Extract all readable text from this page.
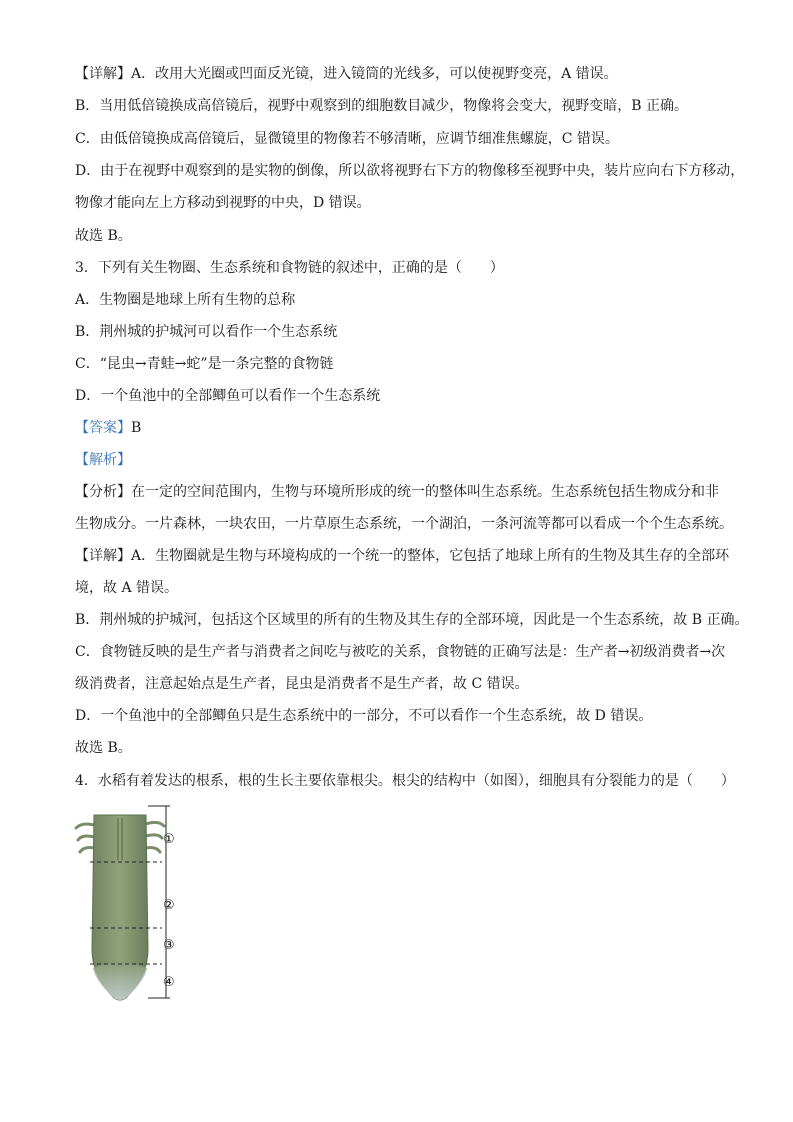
【详解】A．改用大光圈或凹面反光镜，进入镜筒的光线多，可以使视野变亮，A 错误。
B．当用低倍镜换成高倍镜后，视野中观察到的细胞数目减少，物像将会变大，视野变暗，B 正确。
C．由低倍镜换成高倍镜后，显微镜里的物像若不够清晰，应调节细准焦螺旋，C 错误。
D．由于在视野中观察到的是实物的倒像，所以欲将视野右下方的物像移至视野中央，装片应向右下方移动，
物像才能向左上方移动到视野的中央，D 错误。
故选 B。
3．下列有关生物圈、生态系统和食物链的叙述中，正确的是（　　）
A．生物圈是地球上所有生物的总称
B．荆州城的护城河可以看作一个生态系统
C．“昆虫→青蛙→蛇”是一条完整的食物链
D．一个鱼池中的全部鲫鱼可以看作一个生态系统
【答案】B
【解析】
【分析】在一定的空间范围内，生物与环境所形成的统一的整体叫生态系统。生态系统包括生物成分和非
生物成分。一片森林，一块农田，一片草原生态系统，一个湖泊，一条河流等都可以看成一个个生态系统。
【详解】A．生物圈就是生物与环境构成的一个统一的整体，它包括了地球上所有的生物及其生存的全部环
境，故 A 错误。
B．荆州城的护城河，包括这个区域里的所有的生物及其生存的全部环境，因此是一个生态系统，故 B 正确。
C．食物链反映的是生产者与消费者之间吃与被吃的关系，食物链的正确写法是：生产者→初级消费者→次
级消费者，注意起始点是生产者，昆虫是消费者不是生产者，故 C 错误。
D．一个鱼池中的全部鲫鱼只是生态系统中的一部分，不可以看作一个生态系统，故 D 错误。
故选 B。
4．水稻有着发达的根系，根的生长主要依靠根尖。根尖的结构中（如图），细胞具有分裂能力的是（　　）
①
②
③
④
